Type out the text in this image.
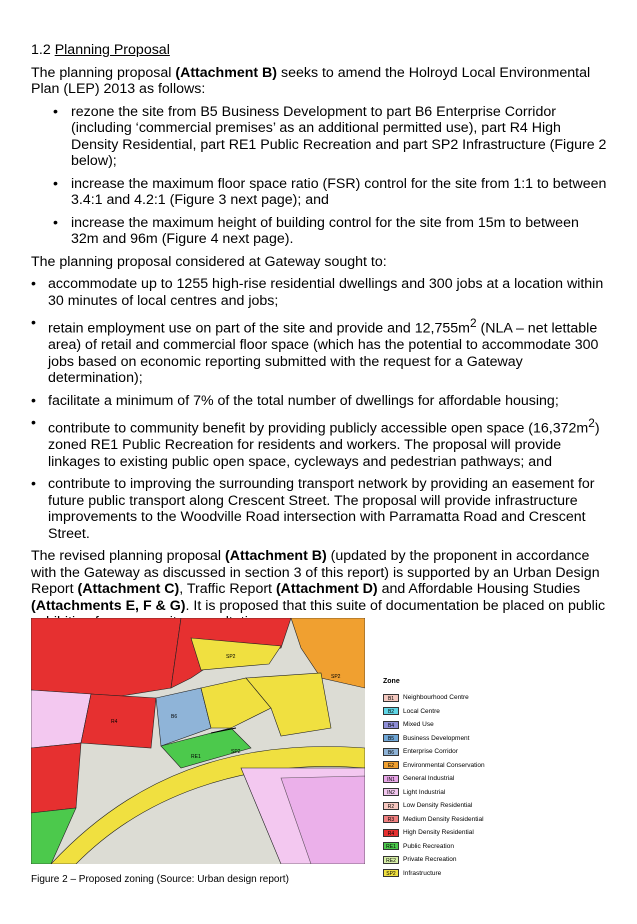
1.2 Planning Proposal

The planning proposal (Attachment B) seeks to amend the Holroyd Local Environmental Plan (LEP) 2013 as follows:

• rezone the site from B5 Business Development to part B6 Enterprise Corridor (including ‘commercial premises’ as an additional permitted use), part R4 High Density Residential, part RE1 Public Recreation and part SP2 Infrastructure (Figure 2 below);
• increase the maximum floor space ratio (FSR) control for the site from 1:1 to between 3.4:1 and 4.2:1 (Figure 3 next page); and
• increase the maximum height of building control for the site from 15m to between 32m and 96m (Figure 4 next page).

The planning proposal considered at Gateway sought to:

• accommodate up to 1255 high-rise residential dwellings and 300 jobs at a location within 30 minutes of local centres and jobs;
• retain employment use on part of the site and provide and $12,755m^2$ (NLA – net lettable area) of retail and commercial floor space (which has the potential to accommodate 300 jobs based on economic reporting submitted with the request for a Gateway determination);
• facilitate a minimum of 7% of the total number of dwellings for affordable housing;
• contribute to community benefit by providing publicly accessible open space $(16,372m^2)$ zoned RE1 Public Recreation for residents and workers. The proposal will provide linkages to existing public open space, cycleways and pedestrian pathways; and
• contribute to improving the surrounding transport network by providing an easement for future public transport along Crescent Street. The proposal will provide infrastructure improvements to the Woodville Road intersection with Parramatta Road and Crescent Street.

The revised planning proposal (Attachment B) (updated by the proponent in accordance with the Gateway as discussed in section 3 of this report) is supported by an Urban Design Report (Attachment C), Traffic Report (Attachment D) and Affordable Housing Studies (Attachments E, F & G). It is proposed that this suite of documentation be placed on public

SP2
SP2
B6
RE1
R4
SP2
Zone
B1	Neighbourhood Centre
B2	Local Centre
B4	Mixed Use
B5	Business Development
B6	Enterprise Corridor
E2	Environmental Conservation
IN1	General Industrial
IN2	Light Industrial
R2	Low Density Residential
R3	Medium Density Residential
R4	High Density Residential
RE1	Public Recreation
RE2	Private Recreation
SP2	Infrastructure

Figure 2 – Proposed zoning (Source: Urban design report)
